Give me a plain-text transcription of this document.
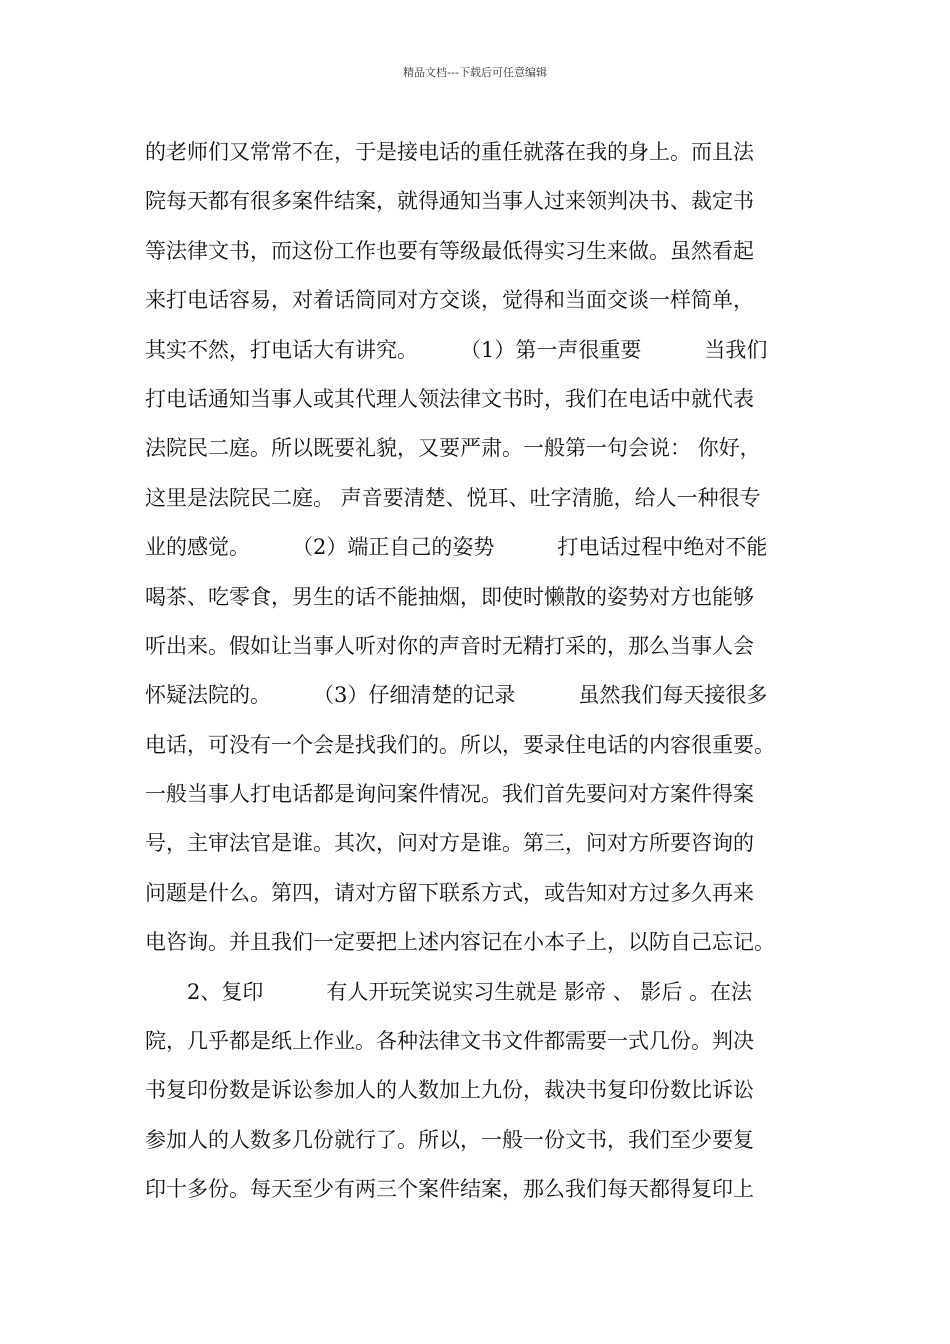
精品文档---下载后可任意编辑
的老师们又常常不在，于是接电话的重任就落在我的身上。而且法
院每天都有很多案件结案，就得通知当事人过来领判决书、裁定书
等法律文书，而这份工作也要有等级最低得实习生来做。虽然看起
来打电话容易，对着话筒同对方交谈，觉得和当面交谈一样简单，
其实不然，打电话大有讲究。　　　（1）第一声很重要　　　当我们
打电话通知当事人或其代理人领法律文书时，我们在电话中就代表
法院民二庭。所以既要礼貌，又要严肃。一般第一句会说： 你好，
这里是法院民二庭。 声音要清楚、悦耳、吐字清脆，给人一种很专
业的感觉。　　　（2）端正自己的姿势　　　打电话过程中绝对不能
喝茶、吃零食，男生的话不能抽烟，即使时懒散的姿势对方也能够
听出来。假如让当事人听对你的声音时无精打采的，那么当事人会
怀疑法院的。　　　（3）仔细清楚的记录　　　虽然我们每天接很多
电话，可没有一个会是找我们的。所以，要录住电话的内容很重要。
一般当事人打电话都是询问案件情况。我们首先要问对方案件得案
号，主审法官是谁。其次，问对方是谁。第三，问对方所要咨询的
问题是什么。第四，请对方留下联系方式，或告知对方过多久再来
电咨询。并且我们一定要把上述内容记在小本子上，以防自己忘记。
　　2、复印　　　有人开玩笑说实习生就是 影帝 、 影后 。在法
院，几乎都是纸上作业。各种法律文书文件都需要一式几份。判决
书复印份数是诉讼参加人的人数加上九份，裁决书复印份数比诉讼
参加人的人数多几份就行了。所以，一般一份文书，我们至少要复
印十多份。每天至少有两三个案件结案，那么我们每天都得复印上
